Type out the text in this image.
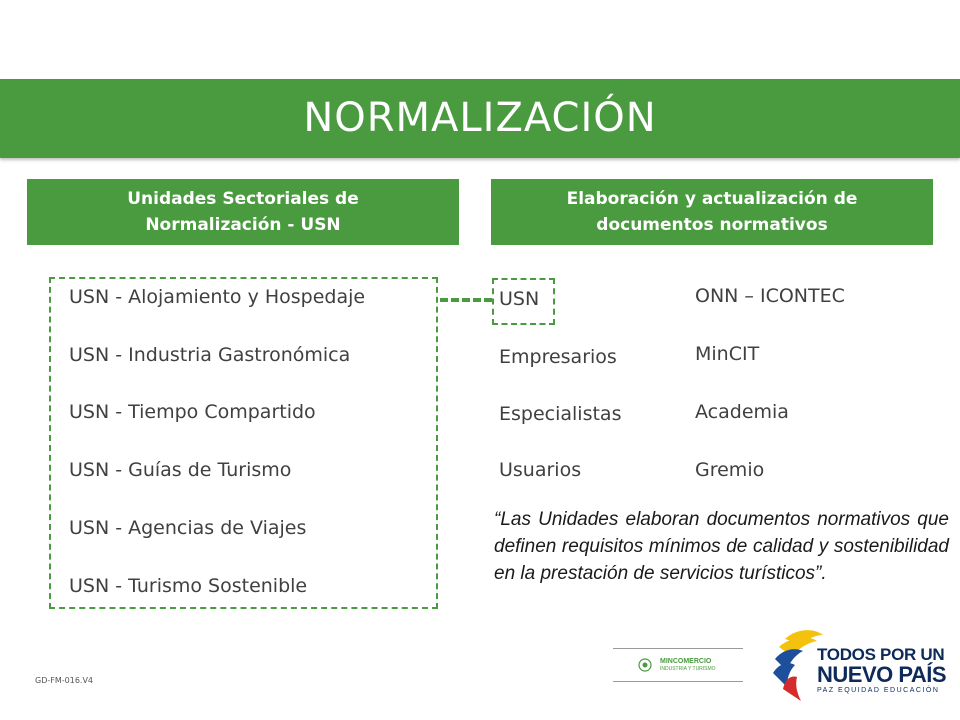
NORMALIZACIÓN
Unidades Sectoriales de
Normalización - USN
Elaboración y actualización de
documentos normativos
USN - Alojamiento y Hospedaje
USN - Industria Gastronómica
USN - Tiempo Compartido
USN - Guías de Turismo
USN - Agencias de Viajes
USN - Turismo Sostenible
USN
Empresarios
Especialistas
Usuarios
ONN – ICONTEC
MinCIT
Academia
Gremio
“Las Unidades elaboran documentos normativos que definen requisitos mínimos de calidad y sostenibilidad en la prestación de servicios turísticos”.
GD-FM-016.V4
MINCOMERCIO
INDUSTRIA Y TURISMO
TODOS POR UN
NUEVO PAÍS
PAZ EQUIDAD EDUCACIÓN
